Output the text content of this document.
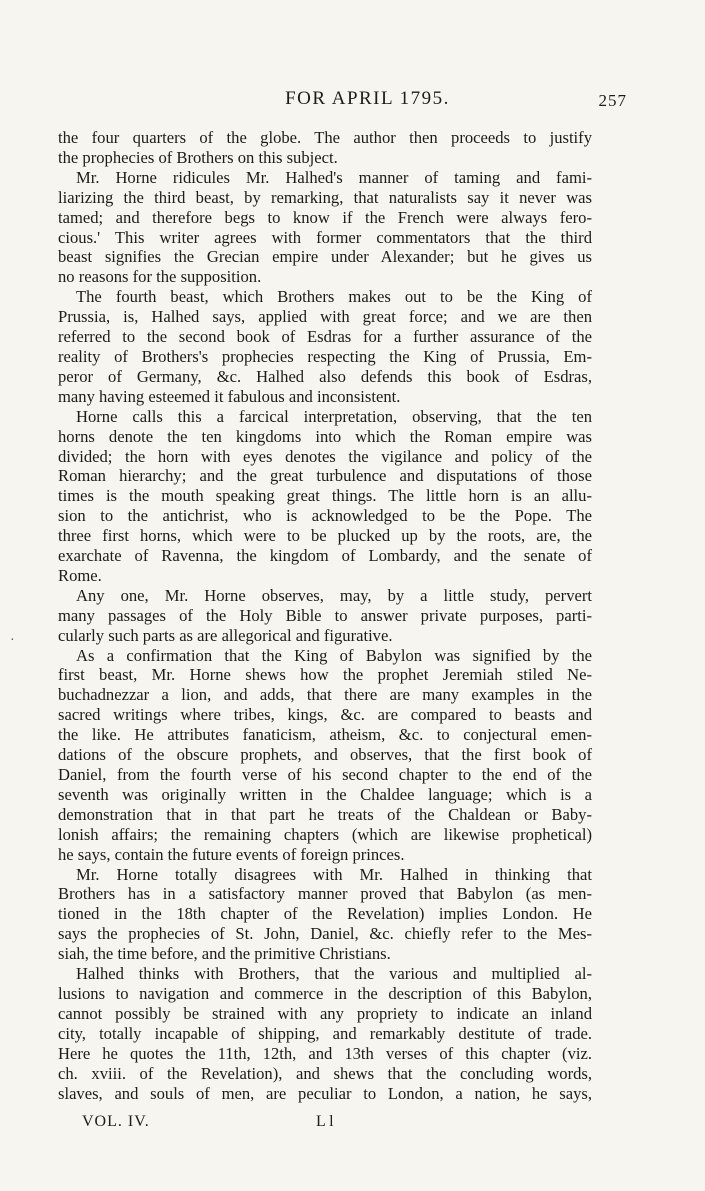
FOR APRIL 1795.	257
the four quarters of the globe. The author then proceeds to justify
the prophecies of Brothers on this subject.
Mr. Horne ridicules Mr. Halhed's manner of taming and fami-
liarizing the third beast, by remarking, that naturalists say it never was
tamed; and therefore begs to know if the French were always fero-
cious.' This writer agrees with former commentators that the third
beast signifies the Grecian empire under Alexander; but he gives us
no reasons for the supposition.
The fourth beast, which Brothers makes out to be the King of
Prussia, is, Halhed says, applied with great force; and we are then
referred to the second book of Esdras for a further assurance of the
reality of Brothers's prophecies respecting the King of Prussia, Em-
peror of Germany, &c. Halhed also defends this book of Esdras,
many having esteemed it fabulous and inconsistent.
Horne calls this a farcical interpretation, observing, that the ten
horns denote the ten kingdoms into which the Roman empire was
divided; the horn with eyes denotes the vigilance and policy of the
Roman hierarchy; and the great turbulence and disputations of those
times is the mouth speaking great things. The little horn is an allu-
sion to the antichrist, who is acknowledged to be the Pope. The
three first horns, which were to be plucked up by the roots, are, the
exarchate of Ravenna, the kingdom of Lombardy, and the senate of
Rome.
Any one, Mr. Horne observes, may, by a little study, pervert
many passages of the Holy Bible to answer private purposes, parti-
cularly such parts as are allegorical and figurative.
As a confirmation that the King of Babylon was signified by the
first beast, Mr. Horne shews how the prophet Jeremiah stiled Ne-
buchadnezzar a lion, and adds, that there are many examples in the
sacred writings where tribes, kings, &c. are compared to beasts and
the like. He attributes fanaticism, atheism, &c. to conjectural emen-
dations of the obscure prophets, and observes, that the first book of
Daniel, from the fourth verse of his second chapter to the end of the
seventh was originally written in the Chaldee language; which is a
demonstration that in that part he treats of the Chaldean or Baby-
lonish affairs; the remaining chapters (which are likewise prophetical)
he says, contain the future events of foreign princes.
Mr. Horne totally disagrees with Mr. Halhed in thinking that
Brothers has in a satisfactory manner proved that Babylon (as men-
tioned in the 18th chapter of the Revelation) implies London. He
says the prophecies of St. John, Daniel, &c. chiefly refer to the Mes-
siah, the time before, and the primitive Christians.
Halhed thinks with Brothers, that the various and multiplied al-
lusions to navigation and commerce in the description of this Babylon,
cannot possibly be strained with any propriety to indicate an inland
city, totally incapable of shipping, and remarkably destitute of trade.
Here he quotes the 11th, 12th, and 13th verses of this chapter (viz.
ch. xviii. of the Revelation), and shews that the concluding words,
slaves, and souls of men, are peculiar to London, a nation, he says,
·
VOL. IV.	L l
